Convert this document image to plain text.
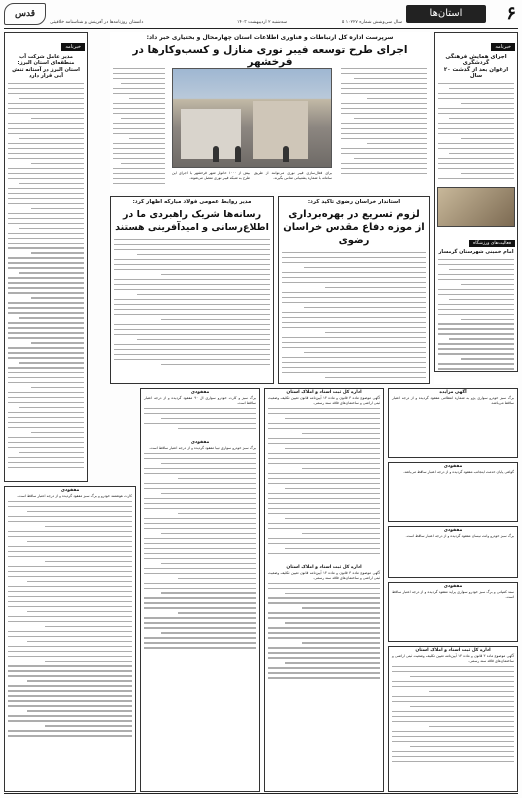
۶
استان‌ها
قدس
سال سی‌وشش شماره ۱۰۲۲۷ ۵
سه‌شنبه ۲ اردیبهشت ۱۴۰۳
دانستان روزنامه‌ها در آفرینش و شناسنامه خلاقیتی
خبرنامه
اجرای همایش فرهنگی گردشگری
ارغوان بعد از گذشت ۲۰ سال
فعالیت‌های ورزشگاه
امام خمینی شهرستان گرمسار
سرپرست اداره کل ارتباطات و فناوری اطلاعات استان چهارمحال و بختیاری خبر داد:
اجرای طرح توسعه فیبر نوری منازل و کسب‌وکارها در فرخشهر
بیش از ۱۰۰۰ خانوار شهر فرخشهر با اجرای این طرح به شبکه فیبر نوری متصل می‌شوند.
برای فعال‌سازی فیبر نوری می‌توانند از طریق سامانه با شماره پشتیبانی تماس بگیرند.
خبرنامه
مدیر عامل شرکت آب منطقه‌ای استان البرز:
استان البرز در آستانه تنش آبی قرار دارد
استاندار خراسان رضوی تاکید کرد:
لزوم تسریع در بهره‌برداری از موزه دفاع مقدس خراسان رضوی
مدیر روابط عمومی فولاد مبارکه اظهار کرد:
رسانه‌ها شریک راهبردی ما در اطلاع‌رسانی و امیدآفرینی هستند
آگهی مزایده
برگ سبز خودرو سواری پژو به شماره انتظامی مفقود گردیده و از درجه اعتبار ساقط می‌باشد.
مفقودی
گواهی پایان خدمت اینجانب مفقود گردیده و از درجه اعتبار ساقط می‌باشد.
مفقودی
برگ سبز خودرو وانت نیسان مفقود گردیده و از درجه اعتبار ساقط است.
مفقودی
سند کمپانی و برگ سبز خودرو سواری پراید مفقود گردیده و از درجه اعتبار ساقط است.
اداره کل ثبت اسناد و املاک استان
آگهی موضوع ماده ۳ قانون و ماده ۱۳ آیین‌نامه تعیین تکلیف وضعیت ثبتی اراضی و ساختمان‌های فاقد سند رسمی.
اداره کل ثبت اسناد و املاک استان
آگهی موضوع ماده ۳ قانون و ماده ۱۳ آیین‌نامه قانون تعیین تکلیف وضعیت ثبتی اراضی و ساختمان‌های فاقد سند رسمی.
اداره کل ثبت اسناد و املاک استان
آگهی موضوع ماده ۳ قانون و ماده ۱۳ آیین‌نامه قانون تعیین تکلیف وضعیت ثبتی اراضی و ساختمان‌های فاقد سند رسمی.
مفقودی
برگ سبز و کارت خودرو سواری ال ۹۰ مفقود گردیده و از درجه اعتبار ساقط است.
مفقودی
برگ سبز خودرو سواری تیبا مفقود گردیده و از درجه اعتبار ساقط است.
مفقودی
کارت هوشمند خودرو و برگ سبز مفقود گردیده و از درجه اعتبار ساقط است.
